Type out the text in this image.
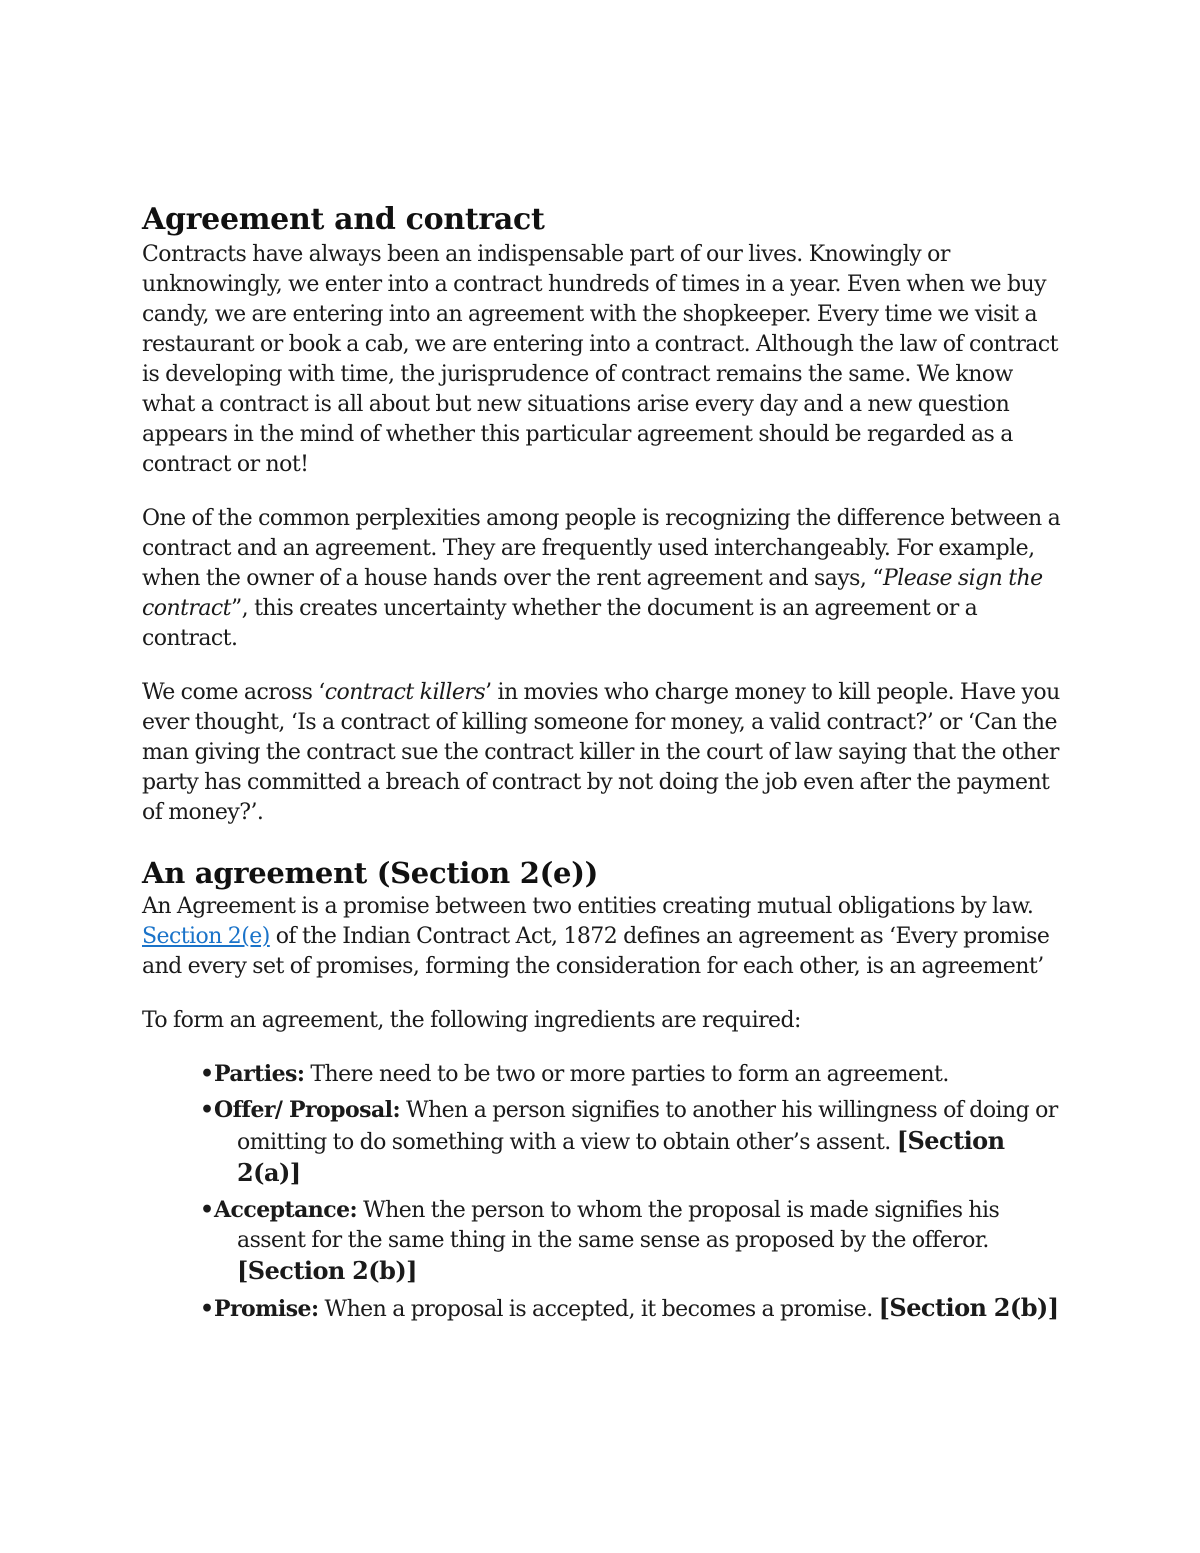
Agreement and contract

Contracts have always been an indispensable part of our lives. Knowingly or unknowingly, we enter into a contract hundreds of times in a year. Even when we buy candy, we are entering into an agreement with the shopkeeper. Every time we visit a restaurant or book a cab, we are entering into a contract. Although the law of contract is developing with time, the jurisprudence of contract remains the same. We know what a contract is all about but new situations arise every day and a new question appears in the mind of whether this particular agreement should be regarded as a contract or not!

One of the common perplexities among people is recognizing the difference between a contract and an agreement. They are frequently used interchangeably. For example, when the owner of a house hands over the rent agreement and says, “Please sign the contract”, this creates uncertainty whether the document is an agreement or a contract.

We come across ‘contract killers’ in movies who charge money to kill people. Have you ever thought, ‘Is a contract of killing someone for money, a valid contract?’ or ‘Can the man giving the contract sue the contract killer in the court of law saying that the other party has committed a breach of contract by not doing the job even after the payment of money?’.

An agreement (Section 2(e))

An Agreement is a promise between two entities creating mutual obligations by law. Section 2(e) of the Indian Contract Act, 1872 defines an agreement as ‘Every promise and every set of promises, forming the consideration for each other, is an agreement’

To form an agreement, the following ingredients are required:

•Parties: There need to be two or more parties to form an agreement.
•Offer/ Proposal: When a person signifies to another his willingness of doing or omitting to do something with a view to obtain other’s assent. [Section 2(a)]
•Acceptance: When the person to whom the proposal is made signifies his assent for the same thing in the same sense as proposed by the offeror. [Section 2(b)]
•Promise: When a proposal is accepted, it becomes a promise. [Section 2(b)]
